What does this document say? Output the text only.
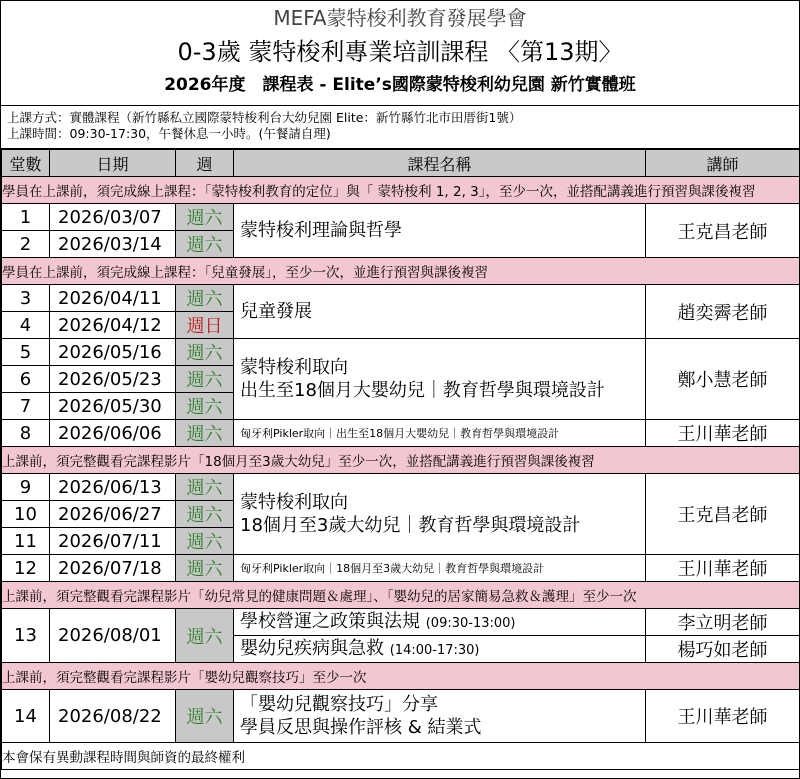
MEFA蒙特梭利教育發展學會
0-3歲 蒙特梭利專業培訓課程 〈第13期〉
2026年度　課程表 - Elite’s國際蒙特梭利幼兒園 新竹實體班
上課方式：實體課程（新竹縣私立國際蒙特梭利台大幼兒園 Elite：新竹縣竹北市田厝街1號）
上課時間：09:30-17:30，午餐休息一小時。(午餐請自理)
堂數	日期	週	課程名稱	講師
學員在上課前，須完成線上課程：「蒙特梭利教育的定位」與「 蒙特梭利 1, 2, 3」，至少一次，並搭配講義進行預習與課後複習				
1	2026/03/07	週六	蒙特梭利理論與哲學	王克昌老師
2	2026/03/14	週六		
學員在上課前，須完成線上課程：「兒童發展」，至少一次，並進行預習與課後複習				
3	2026/04/11	週六	兒童發展	趙奕霽老師
4	2026/04/12	週日		
5	2026/05/16	週六	蒙特梭利取向
出生至18個月大嬰幼兒｜教育哲學與環境設計	鄭小慧老師
6	2026/05/23	週六		
7	2026/05/30	週六		
8	2026/06/06	週六	匈牙利Pikler取向｜出生至18個月大嬰幼兒｜教育哲學與環境設計	王川華老師
上課前，須完整觀看完課程影片「18個月至3歲大幼兒」至少一次，並搭配講義進行預習與課後複習				
9	2026/06/13	週六	蒙特梭利取向
18個月至3歲大幼兒｜教育哲學與環境設計	王克昌老師
10	2026/06/27	週六		
11	2026/07/11	週六		
12	2026/07/18	週六	匈牙利Pikler取向｜18個月至3歲大幼兒｜教育哲學與環境設計	王川華老師
上課前，須完整觀看完課程影片「幼兒常見的健康問題＆處理」、「嬰幼兒的居家簡易急救＆護理」至少一次				
13	2026/08/01	週六	學校營運之政策與法規 (09:30-13:00)	李立明老師
			嬰幼兒疾病與急救 (14:00-17:30)	楊巧如老師
上課前，須完整觀看完課程影片「嬰幼兒觀察技巧」至少一次				
14	2026/08/22	週六	「嬰幼兒觀察技巧」分享
學員反思與操作評核 & 結業式	王川華老師
本會保有異動課程時間與師資的最終權利				
